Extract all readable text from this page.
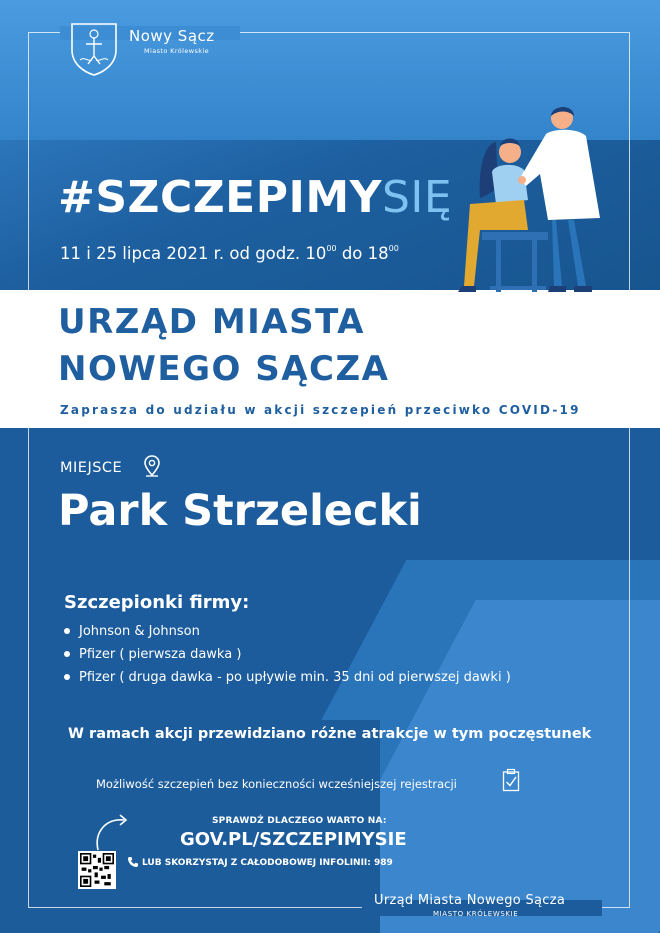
Nowy Sącz
Miasto Królewskie
#SZCZEPIMYSIĘ
11 i 25 lipca 2021 r. od godz. $10^{00}$ do $18^{00}$
URZĄD MIASTA
NOWEGO SĄCZA
Zaprasza do udziału w akcji szczepień przeciwko COVID-19
MIEJSCE
Park Strzelecki
Szczepionki firmy:
Johnson & Johnson
Pfizer ( pierwsza dawka )
Pfizer ( druga dawka - po upływie min. 35 dni od pierwszej dawki )
W ramach akcji przewidziano różne atrakcje w tym poczęstunek
Możliwość szczepień bez konieczności wcześniejszej rejestracji
SPRAWDŹ DLACZEGO WARTO NA:
GOV.PL/SZCZEPIMYSIE
LUB SKORZYSTAJ Z CAŁODOBOWEJ INFOLINII: 989
Urząd Miasta Nowego Sącza
MIASTO KRÓLEWSKIE
